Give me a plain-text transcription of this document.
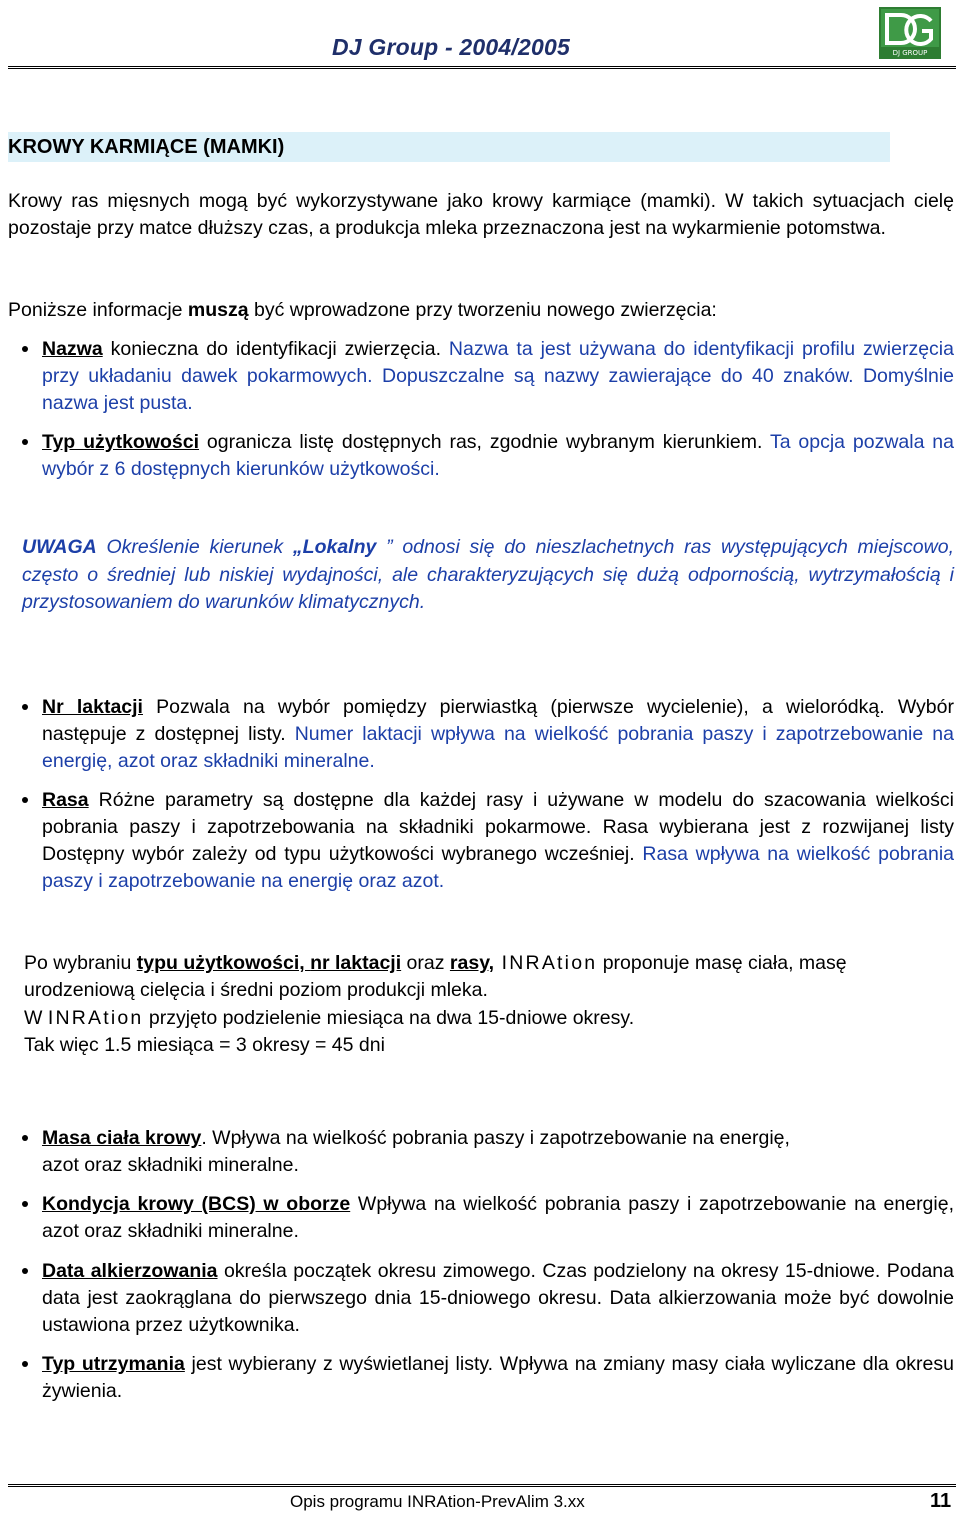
DJ Group - 2004/2005	DJ GROUP
KROWY KARMIĄCE (MAMKI)
Krowy ras mięsnych mogą być wykorzystywane jako krowy karmiące (mamki). W takich sytuacjach cielę pozostaje przy matce dłuższy czas, a produkcja mleka przeznaczona jest na wykarmienie potomstwa.
Poniższe informacje muszą być wprowadzone przy tworzeniu nowego zwierzęcia:
Nazwa konieczna do identyfikacji zwierzęcia. Nazwa ta jest używana do identyfikacji profilu zwierzęcia przy układaniu dawek pokarmowych. Dopuszczalne są nazwy zawierające do 40 znaków. Domyślnie nazwa jest pusta.
Typ użytkowości ograniczа listę dostępnych ras, zgodnie wybranym kierunkiem. Ta opcja pozwala na wybór z 6 dostępnych kierunków użytkowości.
UWAGA Określenie kierunek „Lokalny ” odnosi się do nieszlachetnych ras występujących miejscowo, często o średniej lub niskiej wydajności, ale charakteryzujących się dużą odpornością, wytrzymałością i przystosowaniem do warunków klimatycznych.
Nr laktacji Pozwala na wybór pomiędzy pierwiastką (pierwsze wycielenie), a wieloródką. Wybór następuje z dostępnej listy. Numer laktacji wpływa na wielkość pobrania paszy i zapotrzebowanie na energię, azot oraz składniki mineralne.
Rasa Różne parametry są dostępne dla każdej rasy i używane w modelu do szacowania wielkości pobrania paszy i zapotrzebowania na składniki pokarmowe. Rasa wybierana jest z rozwijanej listy Dostępny wybór zależy od typu użytkowości wybranego wcześniej. Rasa wpływa na wielkość pobrania paszy i zapotrzebowanie na energię oraz azot.
Po wybraniu typu użytkowości, nr laktacji oraz rasy, INRAtion proponuje masę ciała, masę urodzeniową cielęcia i średni poziom produkcji mleka.
W INRAtion przyjęto podzielenie miesiąca na dwa 15-dniowe okresy.
Tak więc 1.5 miesiąca = 3 okresy = 45 dni
Masa ciała krowy. Wpływa na wielkość pobrania paszy i zapotrzebowanie na energię,
azot oraz składniki mineralne.
Kondycja krowy (BCS) w oborze Wpływa na wielkość pobrania paszy i zapotrzebowanie na energię, azot oraz składniki mineralne.
Data alkierzowania określa początek okresu zimowego. Czas podzielony na okresy 15-dniowe. Podana data jest zaokrąglana do pierwszego dnia 15-dniowego okresu. Data alkierzowania może być dowolnie ustawiona przez użytkownika.
Typ utrzymania jest wybierany z wyświetlanej listy. Wpływa na zmiany masy ciała wyliczane dla okresu żywienia.
Opis programu INRAtion-PrevAlim 3.xx	11
